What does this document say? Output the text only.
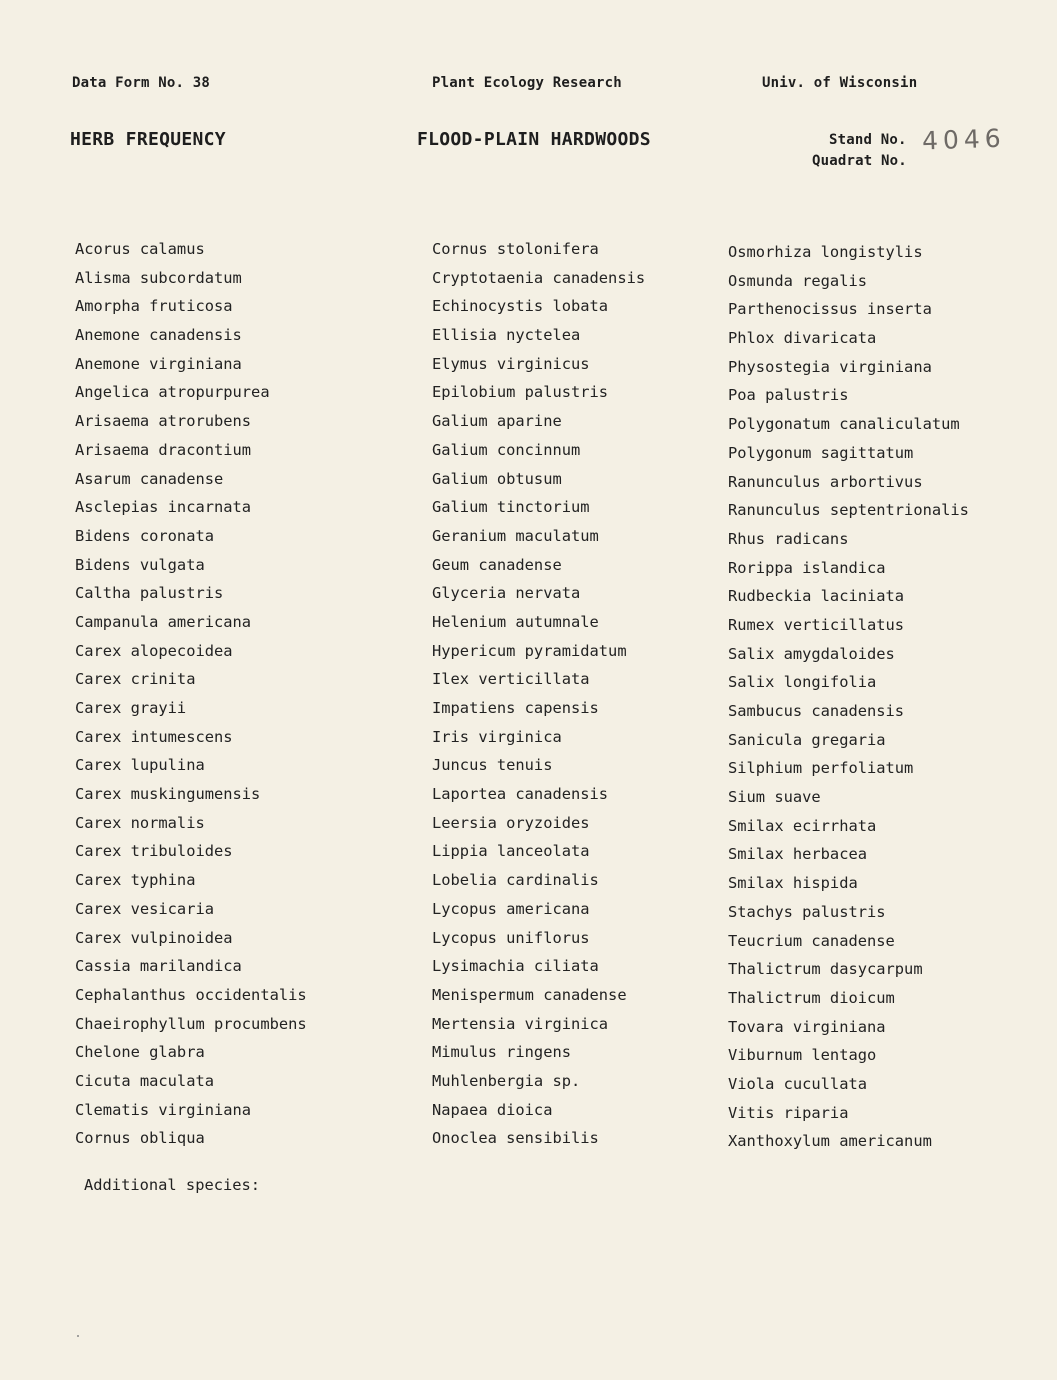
Data Form No. 38	Plant Ecology Research	Univ. of Wisconsin
HERB FREQUENCY	FLOOD-PLAIN HARDWOODS	Stand No. 4046
Quadrat No.
Acorus calamus
Alisma subcordatum
Amorpha fruticosa
Anemone canadensis
Anemone virginiana
Angelica atropurpurea
Arisaema atrorubens
Arisaema dracontium
Asarum canadense
Asclepias incarnata
Bidens coronata
Bidens vulgata
Caltha palustris
Campanula americana
Carex alopecoidea
Carex crinita
Carex grayii
Carex intumescens
Carex lupulina
Carex muskingumensis
Carex normalis
Carex tribuloides
Carex typhina
Carex vesicaria
Carex vulpinoidea
Cassia marilandica
Cephalanthus occidentalis
Chaeirophyllum procumbens
Chelone glabra
Cicuta maculata
Clematis virginiana
Cornus obliqua
Cornus stolonifera
Cryptotaenia canadensis
Echinocystis lobata
Ellisia nyctelea
Elymus virginicus
Epilobium palustris
Galium aparine
Galium concinnum
Galium obtusum
Galium tinctorium
Geranium maculatum
Geum canadense
Glyceria nervata
Helenium autumnale
Hypericum pyramidatum
Ilex verticillata
Impatiens capensis
Iris virginica
Juncus tenuis
Laportea canadensis
Leersia oryzoides
Lippia lanceolata
Lobelia cardinalis
Lycopus americana
Lycopus uniflorus
Lysimachia ciliata
Menispermum canadense
Mertensia virginica
Mimulus ringens
Muhlenbergia sp.
Napaea dioica
Onoclea sensibilis
Osmorhiza longistylis
Osmunda regalis
Parthenocissus inserta
Phlox divaricata
Physostegia virginiana
Poa palustris
Polygonatum canaliculatum
Polygonum sagittatum
Ranunculus arbortivus
Ranunculus septentrionalis
Rhus radicans
Rorippa islandica
Rudbeckia laciniata
Rumex verticillatus
Salix amygdaloides
Salix longifolia
Sambucus canadensis
Sanicula gregaria
Silphium perfoliatum
Sium suave
Smilax ecirrhata
Smilax herbacea
Smilax hispida
Stachys palustris
Teucrium canadense
Thalictrum dasycarpum
Thalictrum dioicum
Tovara virginiana
Viburnum lentago
Viola cucullata
Vitis riparia
Xanthoxylum americanum
Additional species:
